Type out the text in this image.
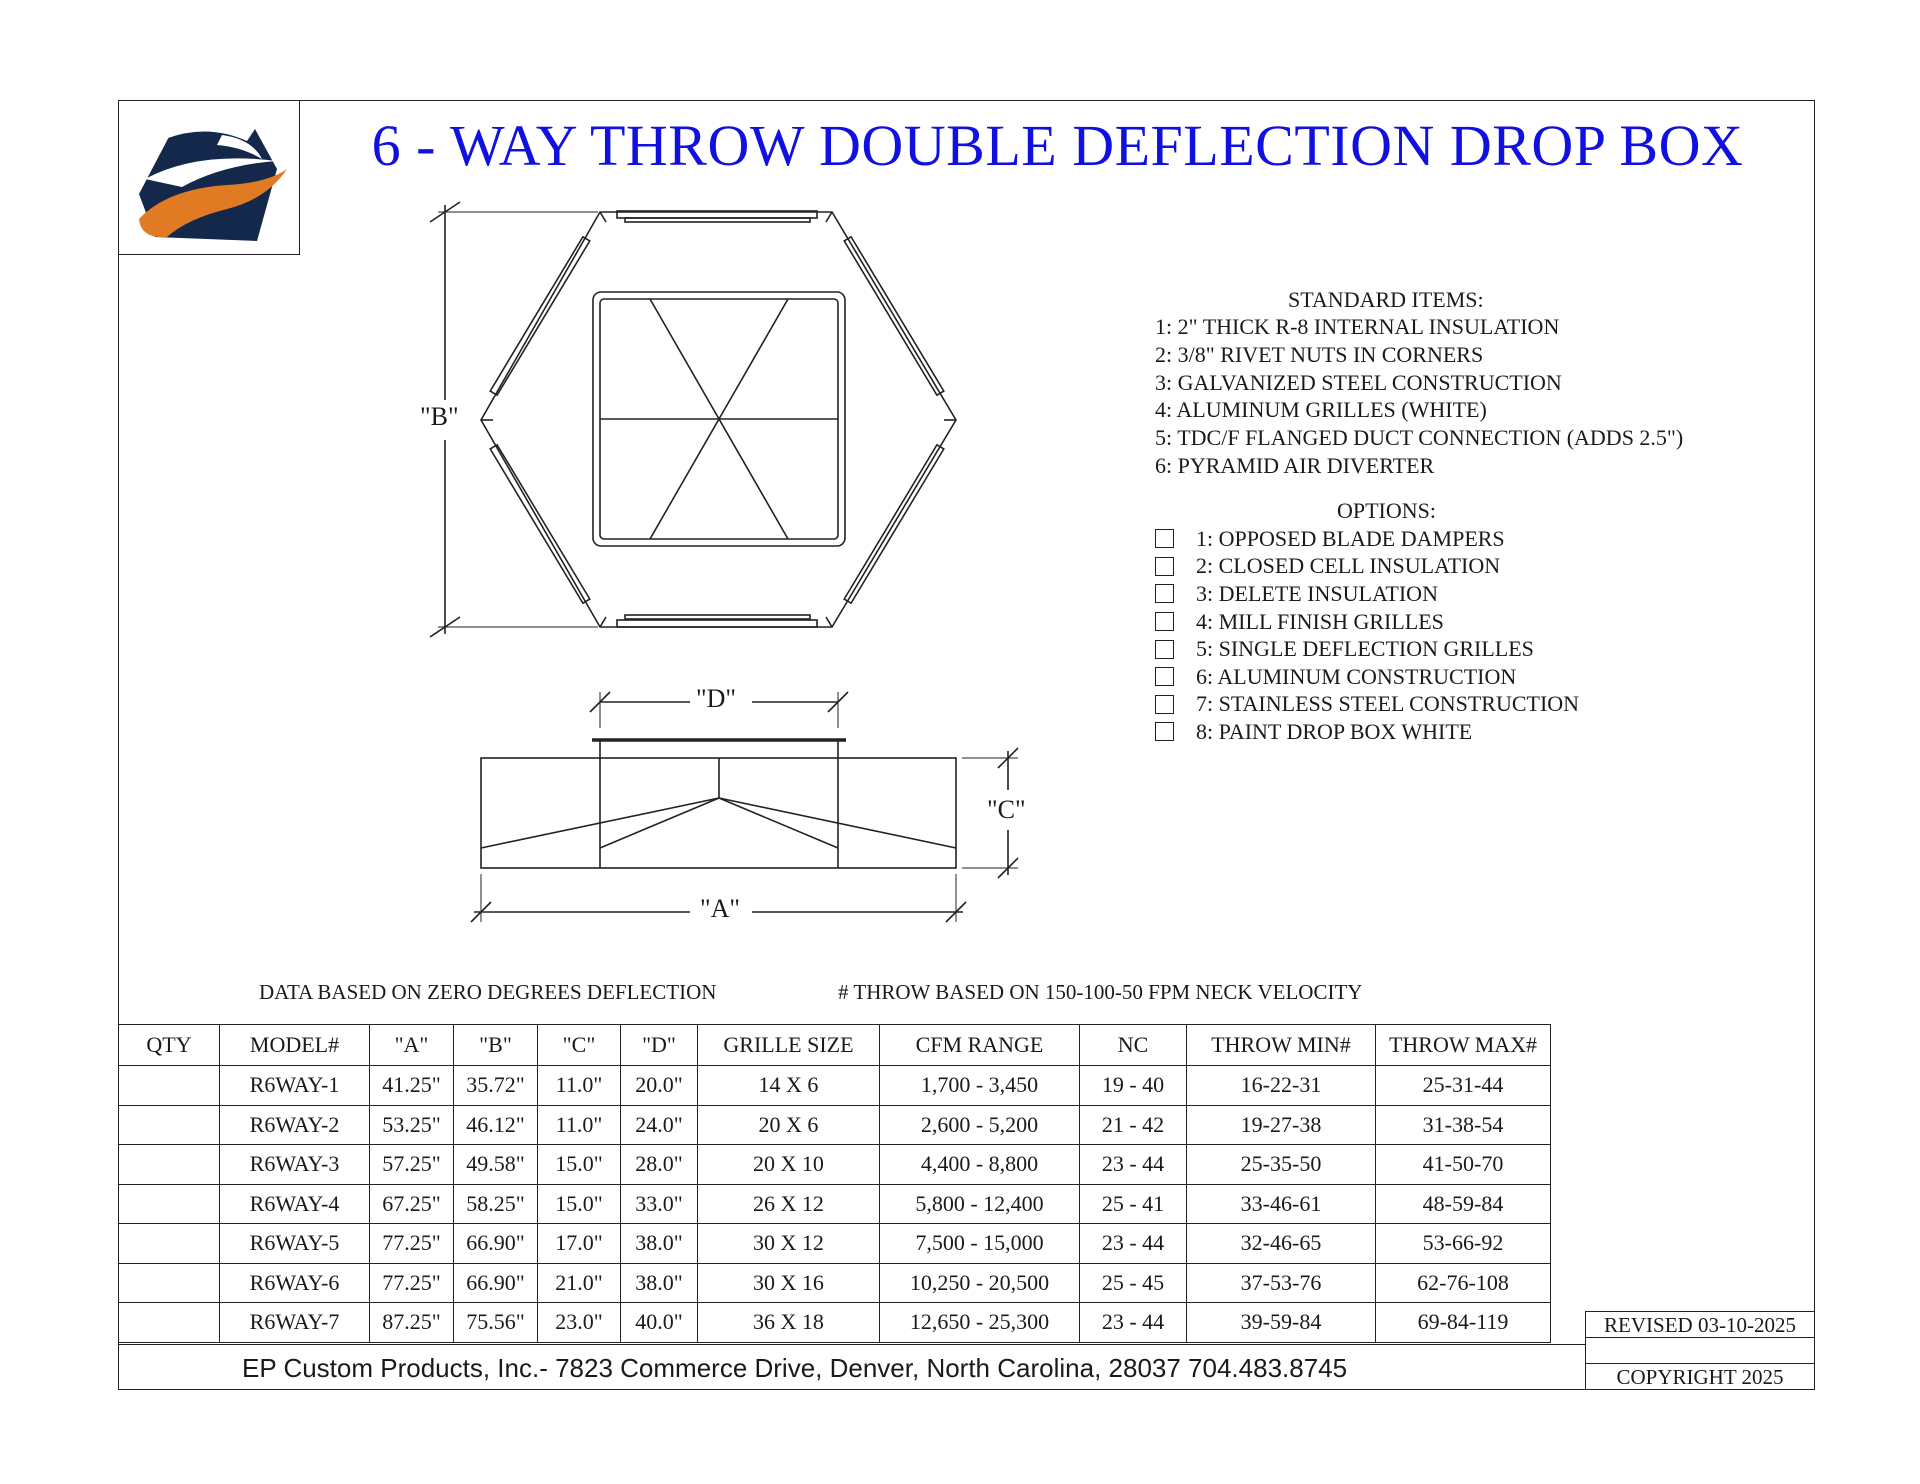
6 - WAY THROW DOUBLE DEFLECTION DROP BOX
"B"
"D"
"C"
"A"
STANDARD ITEMS:
1: 2" THICK R-8 INTERNAL INSULATION
2: 3/8" RIVET NUTS IN CORNERS
3: GALVANIZED STEEL CONSTRUCTION
4: ALUMINUM GRILLES (WHITE)
5: TDC/F FLANGED DUCT CONNECTION (ADDS 2.5")
6: PYRAMID AIR DIVERTER
OPTIONS:
1: OPPOSED BLADE DAMPERS
2: CLOSED CELL INSULATION
3: DELETE INSULATION
4: MILL FINISH GRILLES
5: SINGLE DEFLECTION GRILLES
6: ALUMINUM CONSTRUCTION
7: STAINLESS STEEL CONSTRUCTION
8: PAINT DROP BOX WHITE
DATA BASED ON ZERO DEGREES DEFLECTION	# THROW BASED ON 150-100-50 FPM NECK VELOCITY
QTY	MODEL#	"A"	"B"	"C"	"D"	GRILLE SIZE	CFM RANGE	NC	THROW MIN#	THROW MAX#
	R6WAY-1	41.25"	35.72"	11.0"	20.0"	14 X 6	1,700 - 3,450	19 - 40	16-22-31	25-31-44
	R6WAY-2	53.25"	46.12"	11.0"	24.0"	20 X 6	2,600 - 5,200	21 - 42	19-27-38	31-38-54
	R6WAY-3	57.25"	49.58"	15.0"	28.0"	20 X 10	4,400 - 8,800	23 - 44	25-35-50	41-50-70
	R6WAY-4	67.25"	58.25"	15.0"	33.0"	26 X 12	5,800 - 12,400	25 - 41	33-46-61	48-59-84
	R6WAY-5	77.25"	66.90"	17.0"	38.0"	30 X 12	7,500 - 15,000	23 - 44	32-46-65	53-66-92
	R6WAY-6	77.25"	66.90"	21.0"	38.0"	30 X 16	10,250 - 20,500	25 - 45	37-53-76	62-76-108
	R6WAY-7	87.25"	75.56"	23.0"	40.0"	36 X 18	12,650 - 25,300	23 - 44	39-59-84	69-84-119
EP Custom Products, Inc.- 7823 Commerce Drive, Denver, North Carolina, 28037 704.483.8745
REVISED 03-10-2025
COPYRIGHT 2025
